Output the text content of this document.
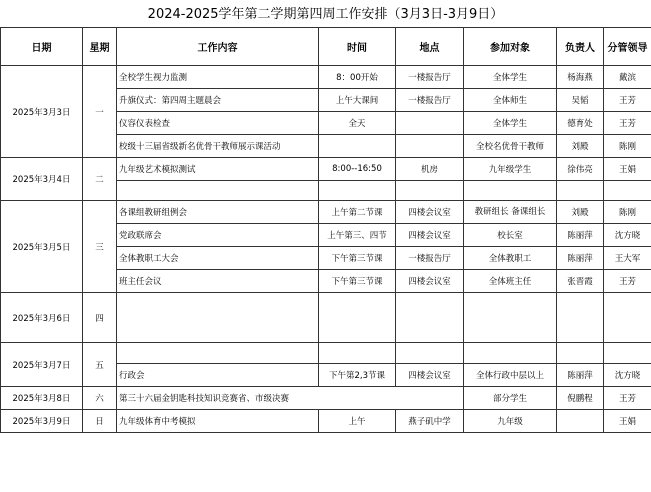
2024-2025学年第二学期第四周工作安排（3月3日-3月9日）
日期	星期	工作内容	时间	地点	参加对象	负责人	分管领导
2025年3月3日	一	全校学生视力监测	8：00开始	一楼报告厅	全体学生	杨海燕	戴滨
		升旗仪式：第四周主题晨会	上午大课间	一楼报告厅	全体师生	吴韬	王芳
		仪容仪表检查	全天		全体学生	德育处	王芳
		校级十三届省级新名优骨干教师展示课活动			全校名优骨干教师	刘殿	陈刚
2025年3月4日	二	九年级艺术模拟测试	8:00--16:50	机房	九年级学生	徐伟亮	王娟

2025年3月5日	三	各课组教研组例会	上午第二节课	四楼会议室	教研组长 备课组长	刘殿	陈刚
		党政联席会	上午第三、四节	四楼会议室	校长室	陈丽萍	沈方晓
		全体教职工大会	下午第三节课	一楼报告厅	全体教职工	陈丽萍	王大军
		班主任会议	下午第三节课	四楼会议室	全体班主任	张晋霞	王芳
2025年3月6日	四						
2025年3月7日	五						
		行政会	下午第2,3节课	四楼会议室	全体行政中层以上	陈丽萍	沈方晓
2025年3月8日	六	第三十六届金钥匙科技知识竞赛省、市级决赛			部分学生	倪鹏程	王芳
2025年3月9日	日	九年级体育中考模拟	上午	燕子矶中学	九年级		王娟
